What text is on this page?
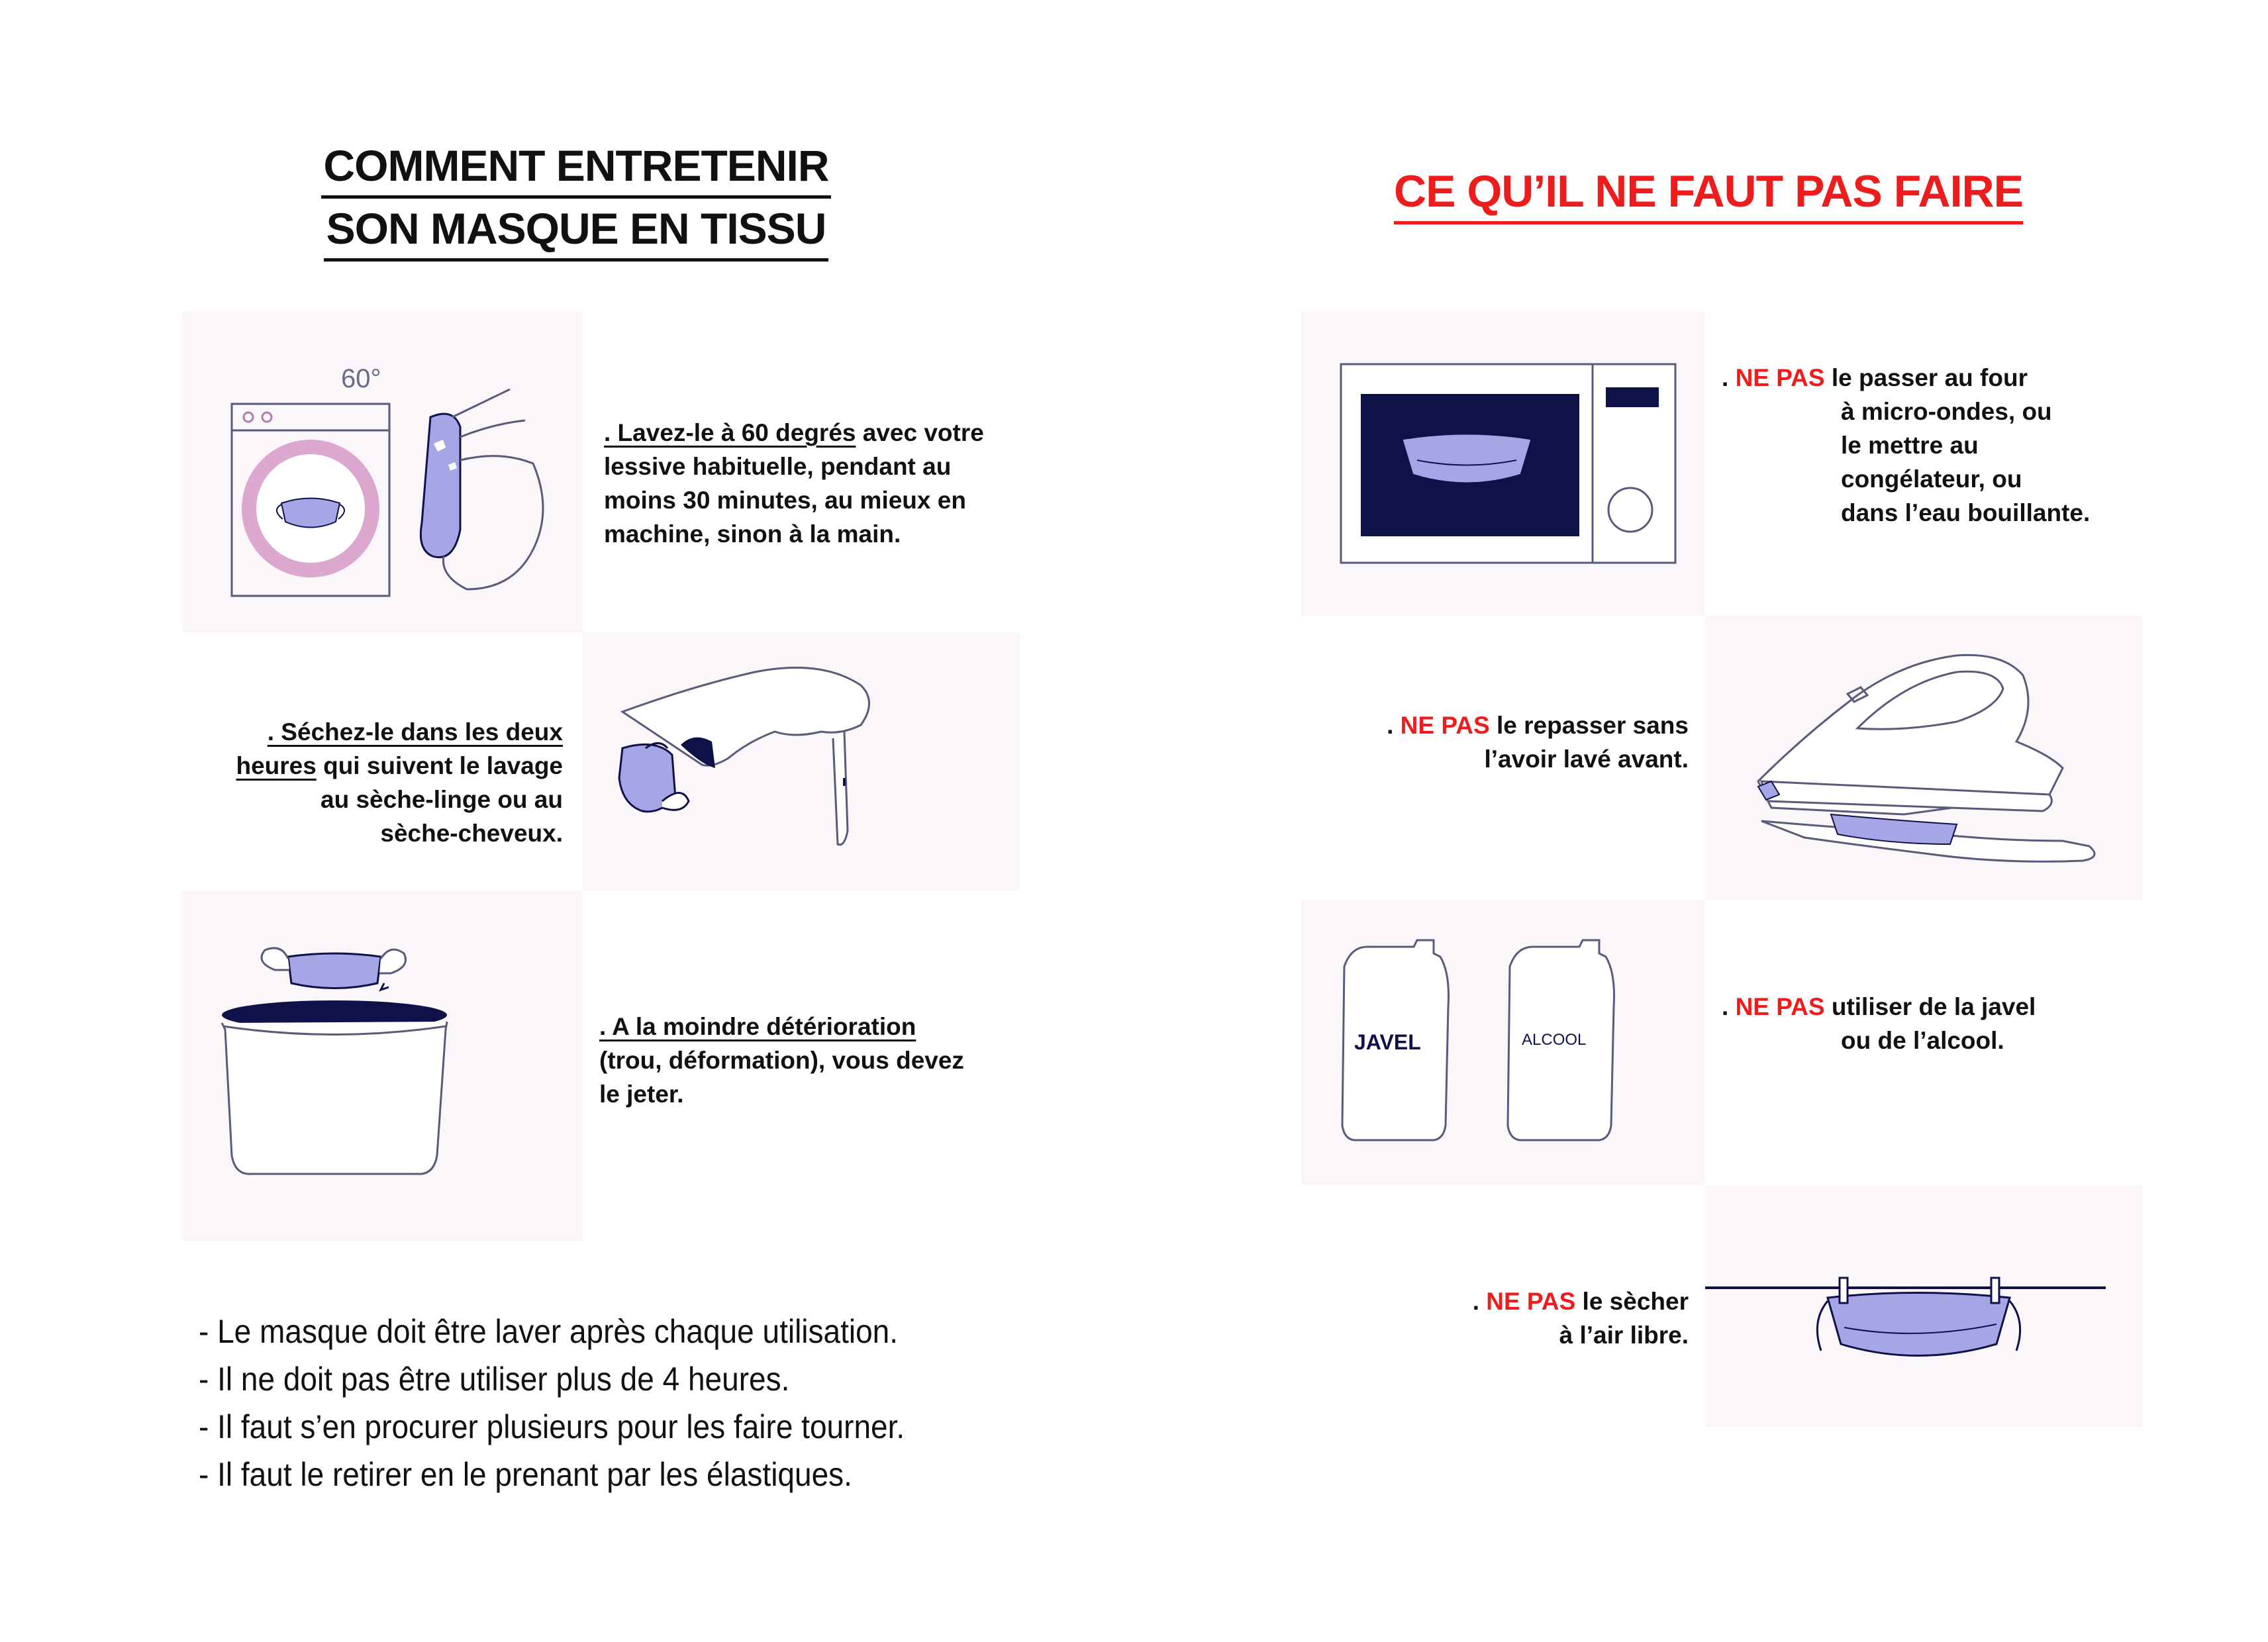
COMMENT ENTRETENIR
SON MASQUE EN TISSU
CE QU’IL NE FAUT PAS FAIRE
60°
. Lavez-le à 60 degrés avec votre
lessive habituelle, pendant au
moins 30 minutes, au mieux en
machine, sinon à la main.
. Séchez-le dans les deux
heures qui suivent le lavage
au sèche-linge ou au
sèche-cheveux.
. A la moindre détérioration
(trou, déformation), vous devez
le jeter.
- Le masque doit être laver après chaque utilisation.
- Il ne doit pas être utiliser plus de 4 heures.
- Il faut s’en procurer plusieurs pour les faire tourner.
- Il faut le retirer en le prenant par les élastiques.
. NE PAS le passer au four
à micro-ondes, ou
le mettre au
congélateur, ou
dans l’eau bouillante.
. NE PAS le repasser sans
l’avoir lavé avant.
JAVEL	ALCOOL
. NE PAS utiliser de la javel
ou de l’alcool.
. NE PAS le sècher
à l’air libre.
